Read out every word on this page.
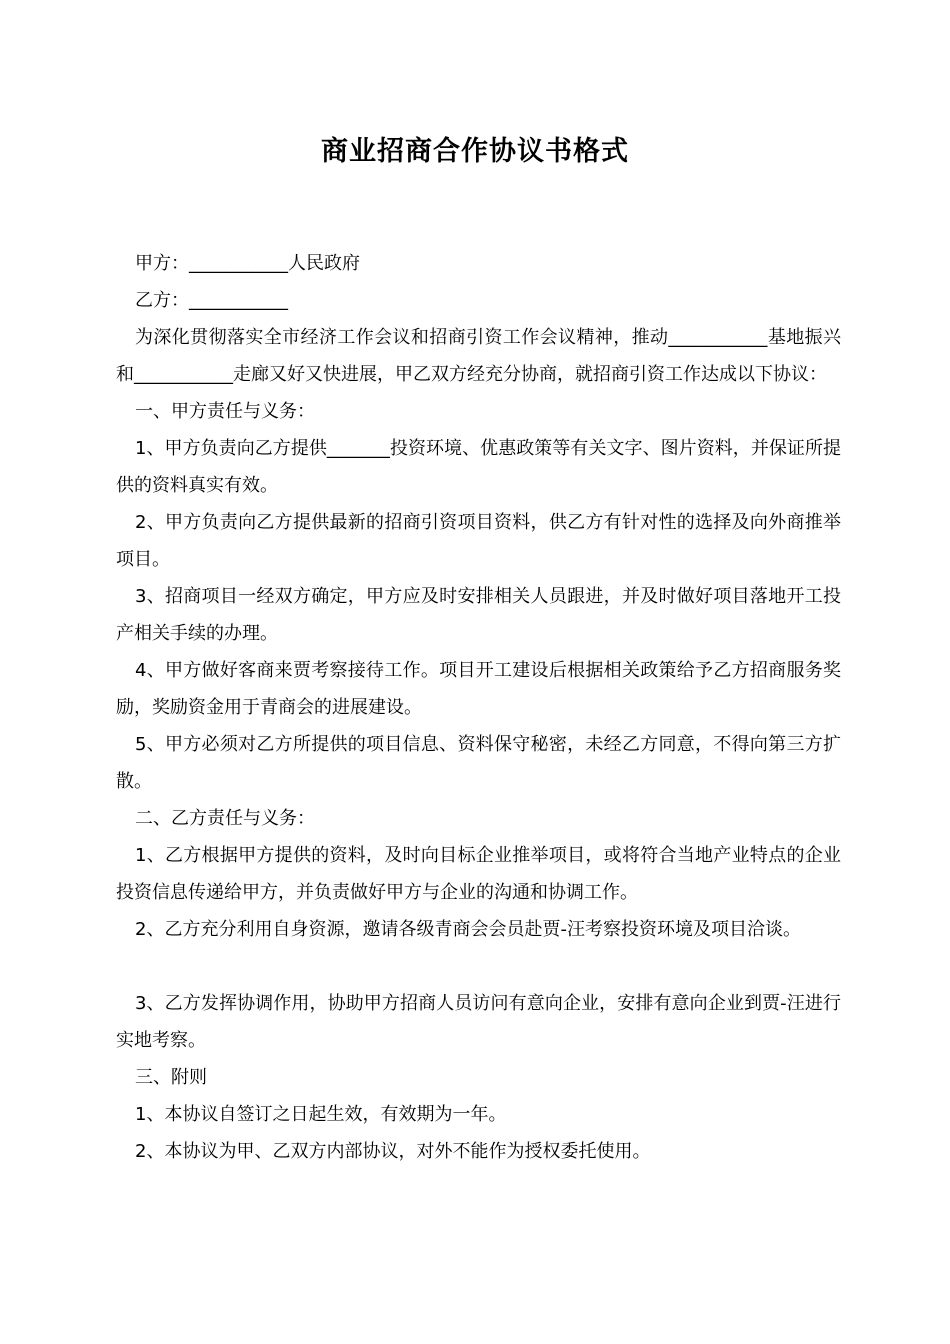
商业招商合作协议书格式

甲方：___________人民政府

乙方：___________

为深化贯彻落实全市经济工作会议和招商引资工作会议精神，推动___________基地振兴和___________走廊又好又快进展，甲乙双方经充分协商，就招商引资工作达成以下协议：

一、甲方责任与义务：

1、甲方负责向乙方提供_______投资环境、优惠政策等有关文字、图片资料，并保证所提供的资料真实有效。

2、甲方负责向乙方提供最新的招商引资项目资料，供乙方有针对性的选择及向外商推举项目。

3、招商项目一经双方确定，甲方应及时安排相关人员跟进，并及时做好项目落地开工投产相关手续的办理。

4、甲方做好客商来贾考察接待工作。项目开工建设后根据相关政策给予乙方招商服务奖励，奖励资金用于青商会的进展建设。

5、甲方必须对乙方所提供的项目信息、资料保守秘密，未经乙方同意，不得向第三方扩散。

二、乙方责任与义务：

1、乙方根据甲方提供的资料，及时向目标企业推举项目，或将符合当地产业特点的企业投资信息传递给甲方，并负责做好甲方与企业的沟通和协调工作。

2、乙方充分利用自身资源，邀请各级青商会会员赴贾-汪考察投资环境及项目洽谈。

3、乙方发挥协调作用，协助甲方招商人员访问有意向企业，安排有意向企业到贾-汪进行实地考察。

三、附则

1、本协议自签订之日起生效，有效期为一年。

2、本协议为甲、乙双方内部协议，对外不能作为授权委托使用。
